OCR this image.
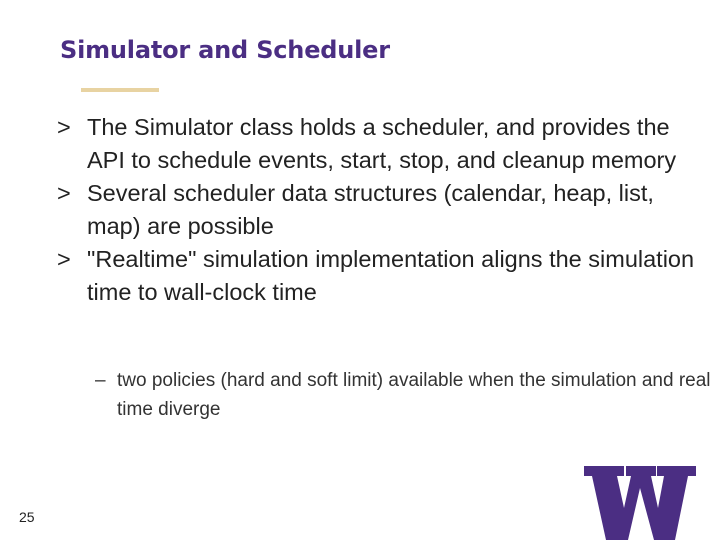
Simulator and Scheduler
> The Simulator class holds a scheduler, and provides the API to schedule events, start, stop, and cleanup memory
> Several scheduler data structures (calendar, heap, list, map) are possible
> "Realtime" simulation implementation aligns the simulation time to wall-clock time
– two policies (hard and soft limit) available when the simulation and real time diverge
25
